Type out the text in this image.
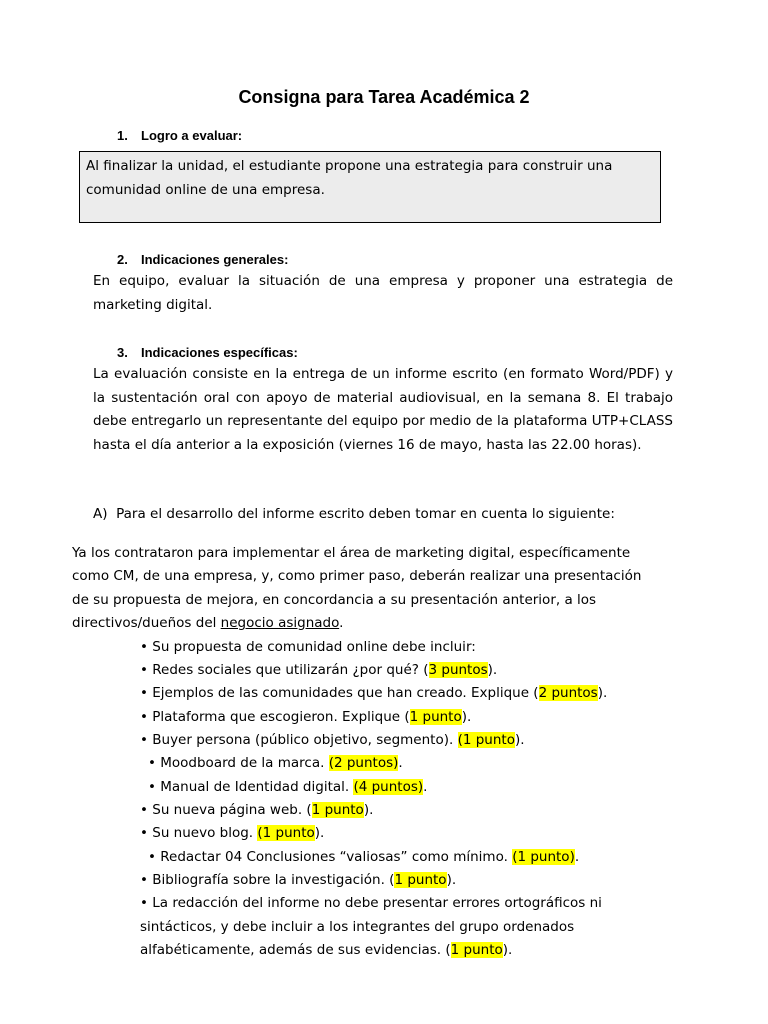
Consigna para Tarea Académica 2
1. Logro a evaluar:
Al finalizar la unidad, el estudiante propone una estrategia para construir una comunidad online de una empresa.
2. Indicaciones generales:
En equipo, evaluar la situación de una empresa y proponer una estrategia de marketing digital.
3. Indicaciones específicas:
La evaluación consiste en la entrega de un informe escrito (en formato Word/PDF) y la sustentación oral con apoyo de material audiovisual, en la semana 8. El trabajo debe entregarlo un representante del equipo por medio de la plataforma UTP+CLASS hasta el día anterior a la exposición (viernes 16 de mayo, hasta las 22.00 horas).
A) Para el desarrollo del informe escrito deben tomar en cuenta lo siguiente:
Ya los contrataron para implementar el área de marketing digital, específicamente
como CM, de una empresa, y, como primer paso, deberán realizar una presentación
de su propuesta de mejora, en concordancia a su presentación anterior, a los
directivos/dueños del negocio asignado.
• Su propuesta de comunidad online debe incluir:
• Redes sociales que utilizarán ¿por qué? (3 puntos).
• Ejemplos de las comunidades que han creado. Explique (2 puntos).
• Plataforma que escogieron. Explique (1 punto).
• Buyer persona (público objetivo, segmento). (1 punto).
• Moodboard de la marca. (2 puntos).
• Manual de Identidad digital. (4 puntos).
• Su nueva página web. (1 punto).
• Su nuevo blog. (1 punto).
• Redactar 04 Conclusiones “valiosas” como mínimo. (1 punto).
• Bibliografía sobre la investigación. (1 punto).
• La redacción del informe no debe presentar errores ortográficos ni
sintácticos, y debe incluir a los integrantes del grupo ordenados
alfabéticamente, además de sus evidencias. (1 punto).
